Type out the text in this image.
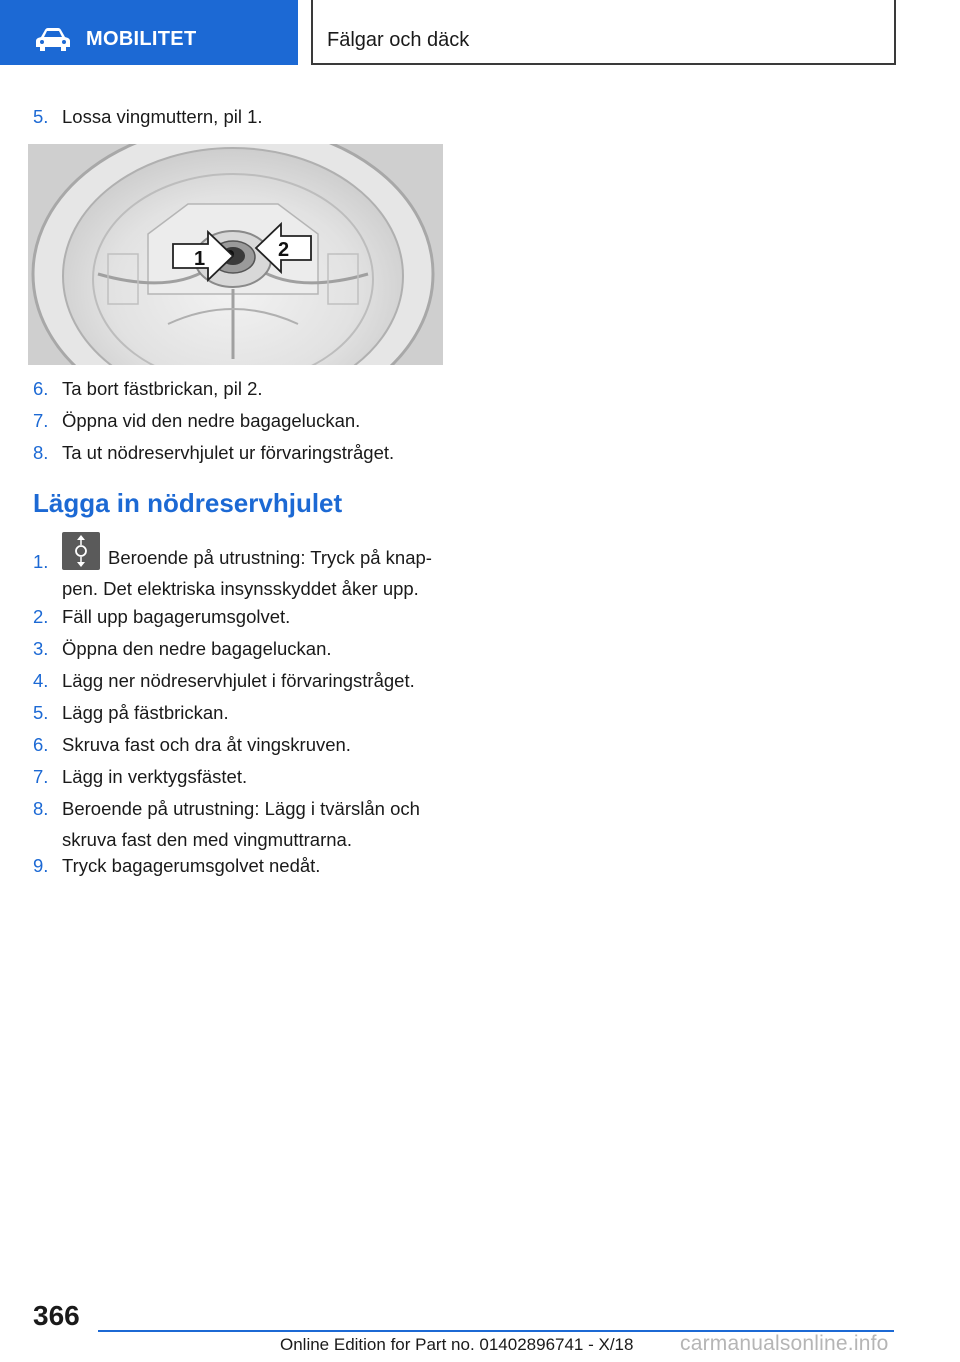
MOBILITET	Fälgar och däck
5. Lossa vingmuttern, pil 1.
1	2
6. Ta bort fästbrickan, pil 2.
7. Öppna vid den nedre bagageluckan.
8. Ta ut nödreservhjulet ur förvaringstråget.
Lägga in nödreservhjulet
1.	Beroende på utrustning: Tryck på knap-
pen. Det elektriska insynsskyddet åker upp.
2. Fäll upp bagagerumsgolvet.
3. Öppna den nedre bagageluckan.
4. Lägg ner nödreservhjulet i förvaringstråget.
5. Lägg på fästbrickan.
6. Skruva fast och dra åt vingskruven.
7. Lägg in verktygsfästet.
8. Beroende på utrustning: Lägg i tvärslån och
skruva fast den med vingmuttrarna.
9. Tryck bagagerumsgolvet nedåt.
366
Online Edition for Part no. 01402896741 - X/18 carmanualsonline.info
